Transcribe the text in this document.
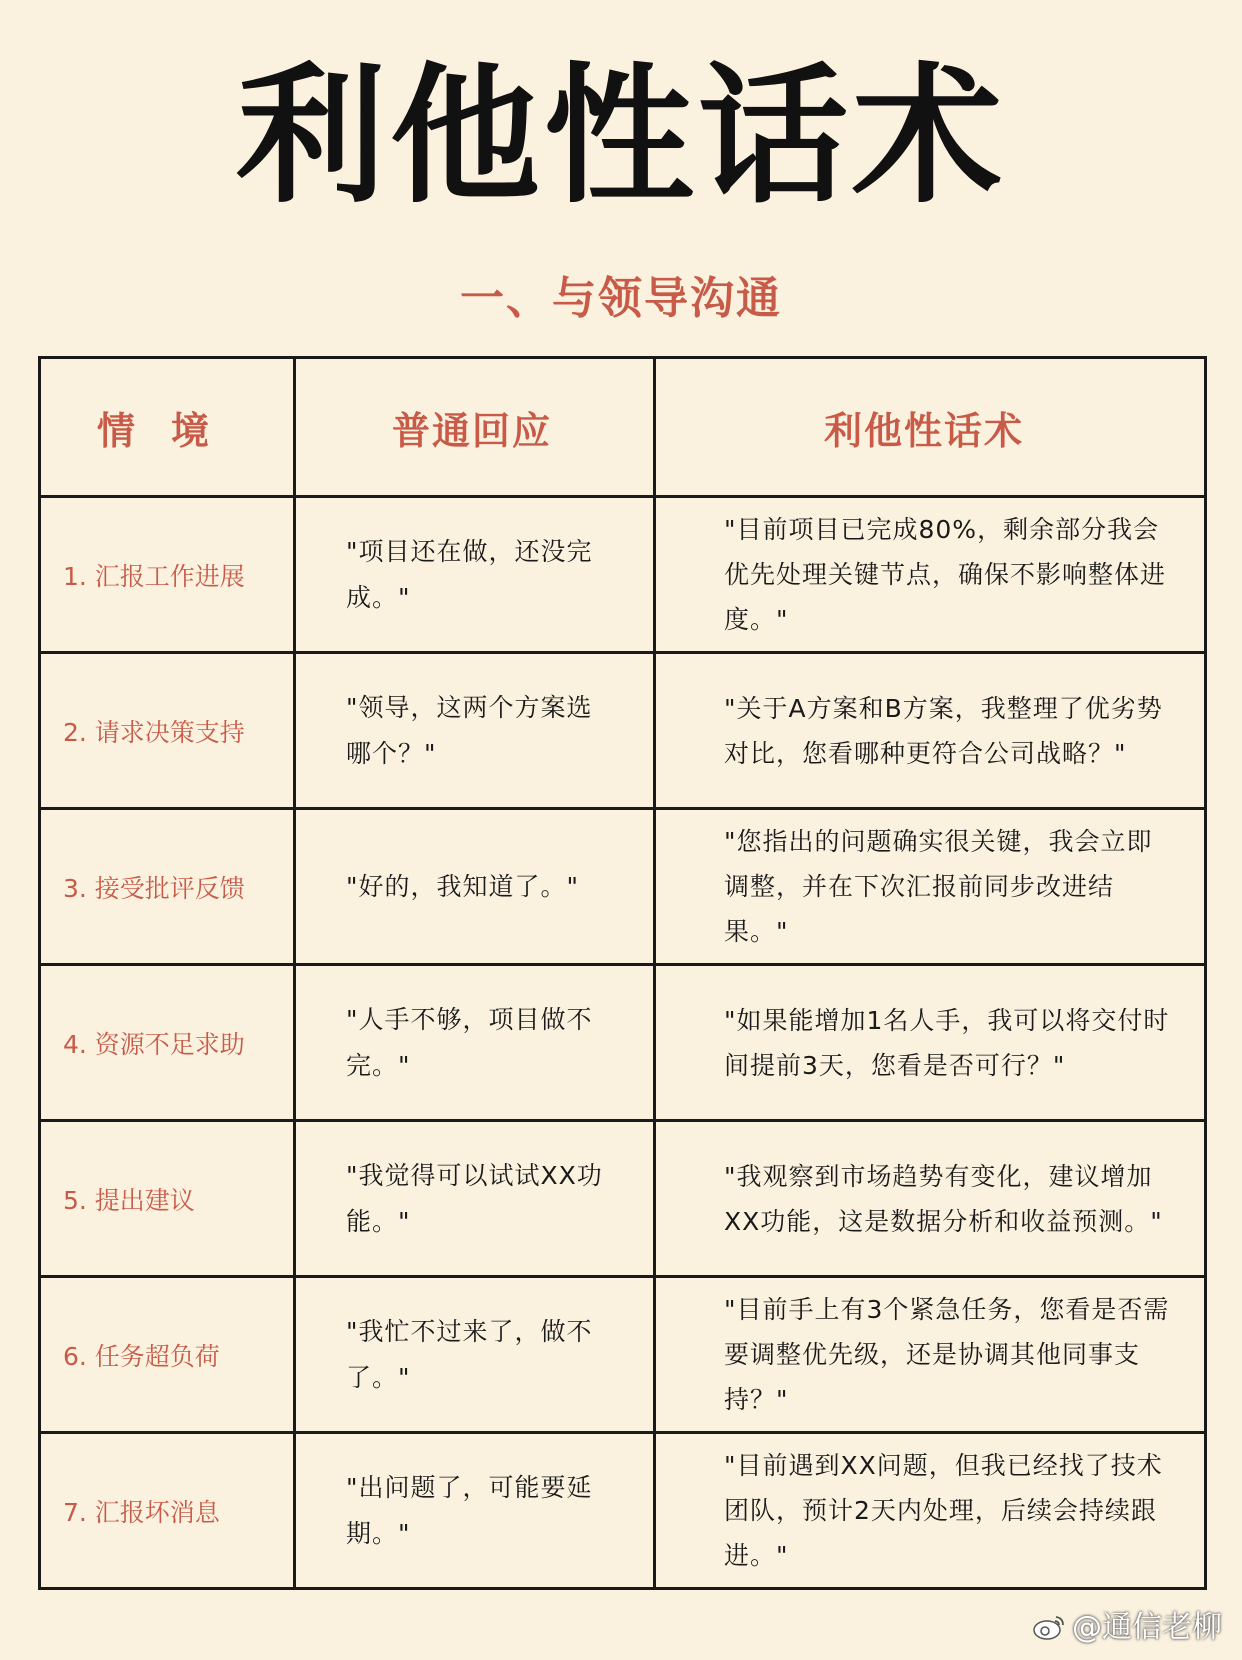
利他性话术
一、与领导沟通
情 境	普通回应	利他性话术
1. 汇报工作进展	"项目还在做，还没完成。"	"目前项目已完成80%，剩余部分我会优先处理关键节点，确保不影响整体进度。"
2. 请求决策支持	"领导，这两个方案选哪个？"	"关于A方案和B方案，我整理了优劣势对比，您看哪种更符合公司战略？"
3. 接受批评反馈	"好的，我知道了。"	"您指出的问题确实很关键，我会立即调整，并在下次汇报前同步改进结果。"
4. 资源不足求助	"人手不够，项目做不完。"	"如果能增加1名人手，我可以将交付时间提前3天，您看是否可行？"
5. 提出建议	"我觉得可以试试XX功能。"	"我观察到市场趋势有变化，建议增加XX功能，这是数据分析和收益预测。"
6. 任务超负荷	"我忙不过来了，做不了。"	"目前手上有3个紧急任务，您看是否需要调整优先级，还是协调其他同事支持？"
7. 汇报坏消息	"出问题了，可能要延期。"	"目前遇到XX问题，但我已经找了技术团队，预计2天内处理，后续会持续跟进。"
@通信老柳
